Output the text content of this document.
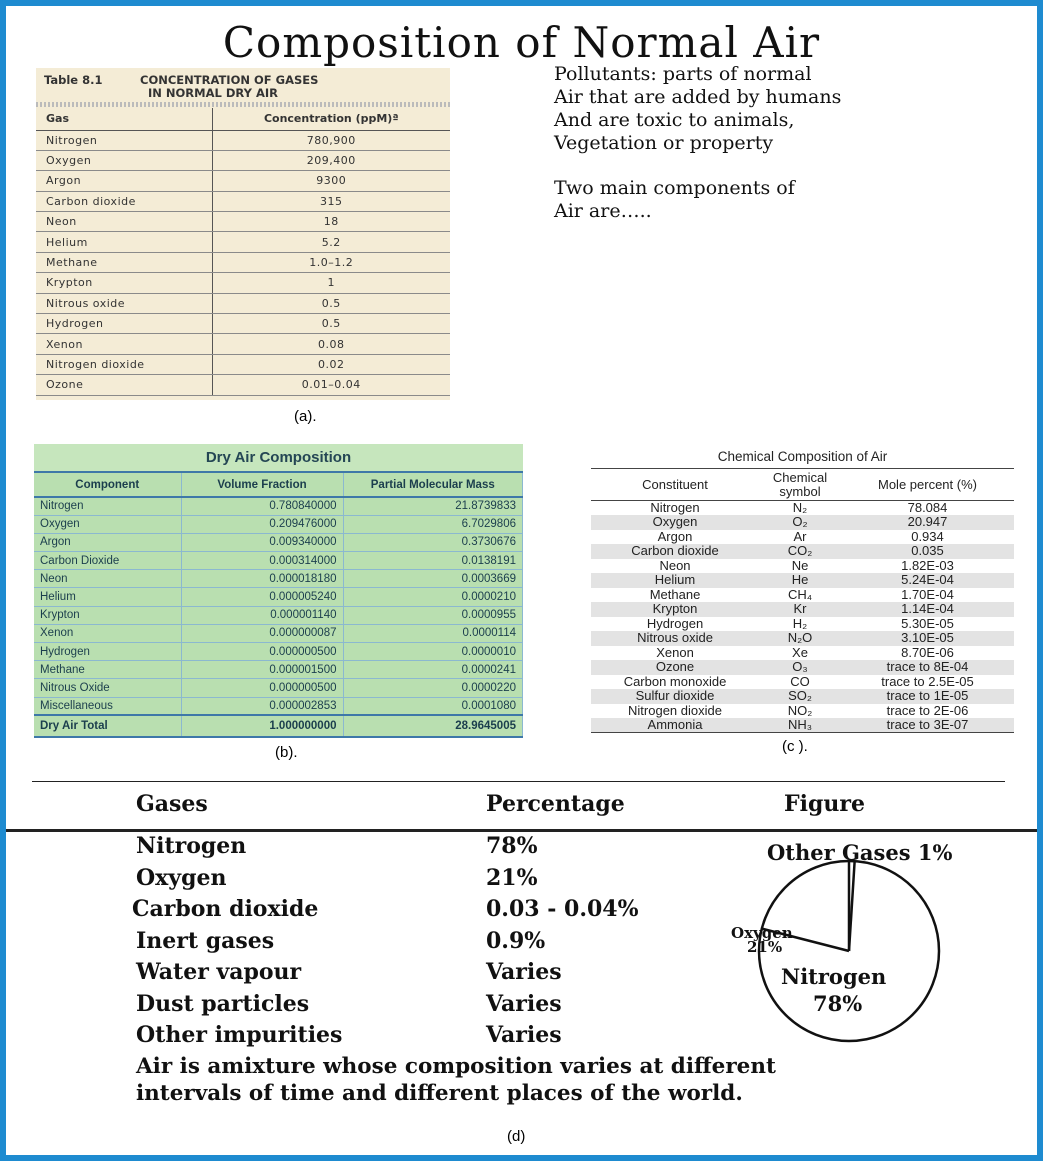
Composition of Normal Air
Table 8.1	CONCENTRATION OF GASES
IN NORMAL DRY AIR
Gas	Concentration (ppM)ª
Nitrogen	780,900
Oxygen	209,400
Argon	9300
Carbon dioxide	315
Neon	18
Helium	5.2
Methane	1.0–1.2
Krypton	1
Nitrous oxide	0.5
Hydrogen	0.5
Xenon	0.08
Nitrogen dioxide	0.02
Ozone	0.01–0.04
(a).
Pollutants: parts of normal
Air that are added by humans
And are toxic to animals,
Vegetation or property
Two main components of
Air are…..
Dry Air Composition
Component	Volume Fraction	Partial Molecular Mass
Nitrogen	0.780840000	21.8739833
Oxygen	0.209476000	6.7029806
Argon	0.009340000	0.3730676
Carbon Dioxide	0.000314000	0.0138191
Neon	0.000018180	0.0003669
Helium	0.000005240	0.0000210
Krypton	0.000001140	0.0000955
Xenon	0.000000087	0.0000114
Hydrogen	0.000000500	0.0000010
Methane	0.000001500	0.0000241
Nitrous Oxide	0.000000500	0.0000220
Miscellaneous	0.000002853	0.0001080
Dry Air Total	1.000000000	28.9645005
(b).
Chemical Composition of Air
Constituent	Chemical symbol	Mole percent (%)
Nitrogen	N₂	78.084
Oxygen	O₂	20.947
Argon	Ar	0.934
Carbon dioxide	CO₂	0.035
Neon	Ne	1.82E-03
Helium	He	5.24E-04
Methane	CH₄	1.70E-04
Krypton	Kr	1.14E-04
Hydrogen	H₂	5.30E-05
Nitrous oxide	N₂O	3.10E-05
Xenon	Xe	8.70E-06
Ozone	O₃	trace to 8E-04
Carbon monoxide	CO	trace to 2.5E-05
Sulfur dioxide	SO₂	trace to 1E-05
Nitrogen dioxide	NO₂	trace to 2E-06
Ammonia	NH₃	trace to 3E-07
(c ).
Gases	Percentage	Figure
Nitrogen	78%
Oxygen	21%
Carbon dioxide	0.03 - 0.04%
Inert gases	0.9%
Water vapour	Varies
Dust particles	Varies
Other impurities	Varies
Air is amixture whose composition varies at different
intervals of time and different places of the world.
Nitrogen
78%
Oxygen
21%
Other Gases 1%
(d)
